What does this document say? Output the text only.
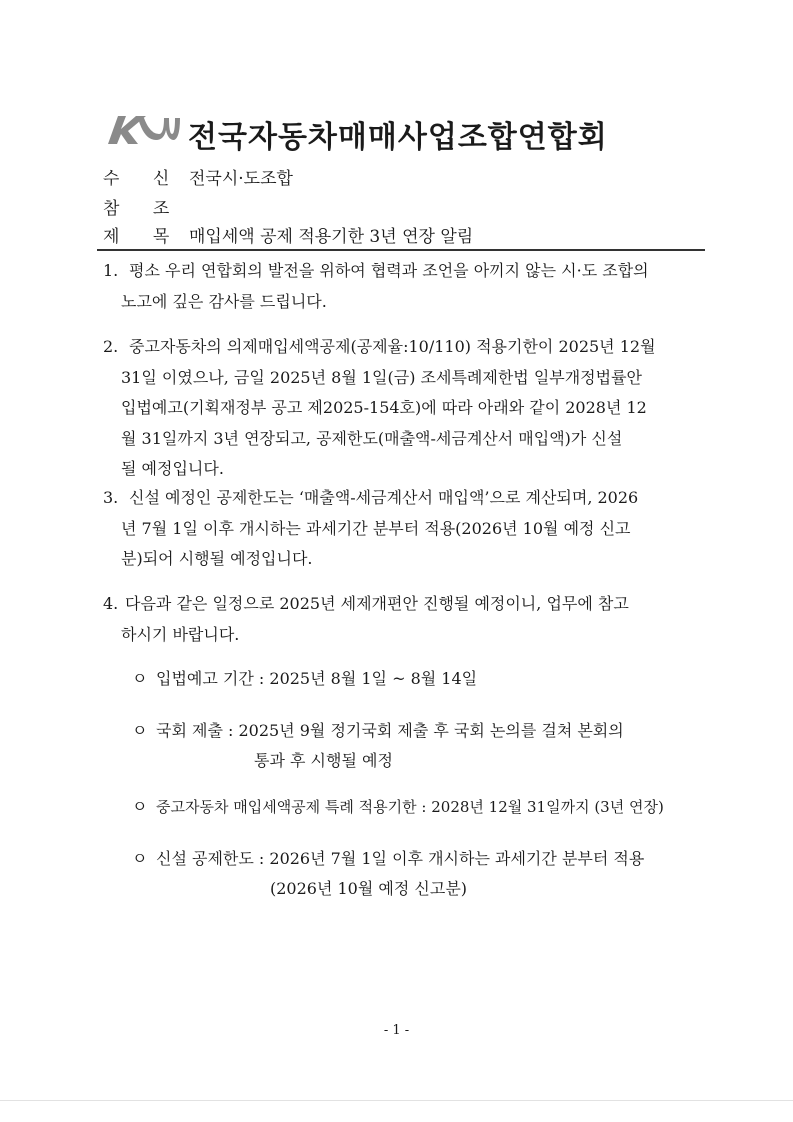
전국자동차매매사업조합연합회
수 신 전국시·도조합
참 조
제 목 매입세액 공제 적용기한 3년 연장 알림
1. 평소 우리 연합회의 발전을 위하여 협력과 조언을 아끼지 않는 시·도 조합의
노고에 깊은 감사를 드립니다.
2. 중고자동차의 의제매입세액공제(공제율:10/110) 적용기한이 2025년 12월
31일 이였으나, 금일 2025년 8월 1일(금) 조세특례제한법 일부개정법률안
입법예고(기획재정부 공고 제2025-154호)에 따라 아래와 같이 2028년 12
월 31일까지 3년 연장되고, 공제한도(매출액-세금계산서 매입액)가 신설
될 예정입니다.
3. 신설 예정인 공제한도는 ‘매출액-세금계산서 매입액’으로 계산되며, 2026
년 7월 1일 이후 개시하는 과세기간 분부터 적용(2026년 10월 예정 신고
분)되어 시행될 예정입니다.
4. 다음과 같은 일정으로 2025년 세제개편안 진행될 예정이니, 업무에 참고
하시기 바랍니다.
ㅇ 입법예고 기간 : 2025년 8월 1일 ~ 8월 14일
ㅇ 국회 제출 : 2025년 9월 정기국회 제출 후 국회 논의를 걸쳐 본회의
통과 후 시행될 예정
ㅇ 중고자동차 매입세액공제 특례 적용기한 : 2028년 12월 31일까지 (3년 연장)
ㅇ 신설 공제한도 : 2026년 7월 1일 이후 개시하는 과세기간 분부터 적용
(2026년 10월 예정 신고분)
- 1 -
